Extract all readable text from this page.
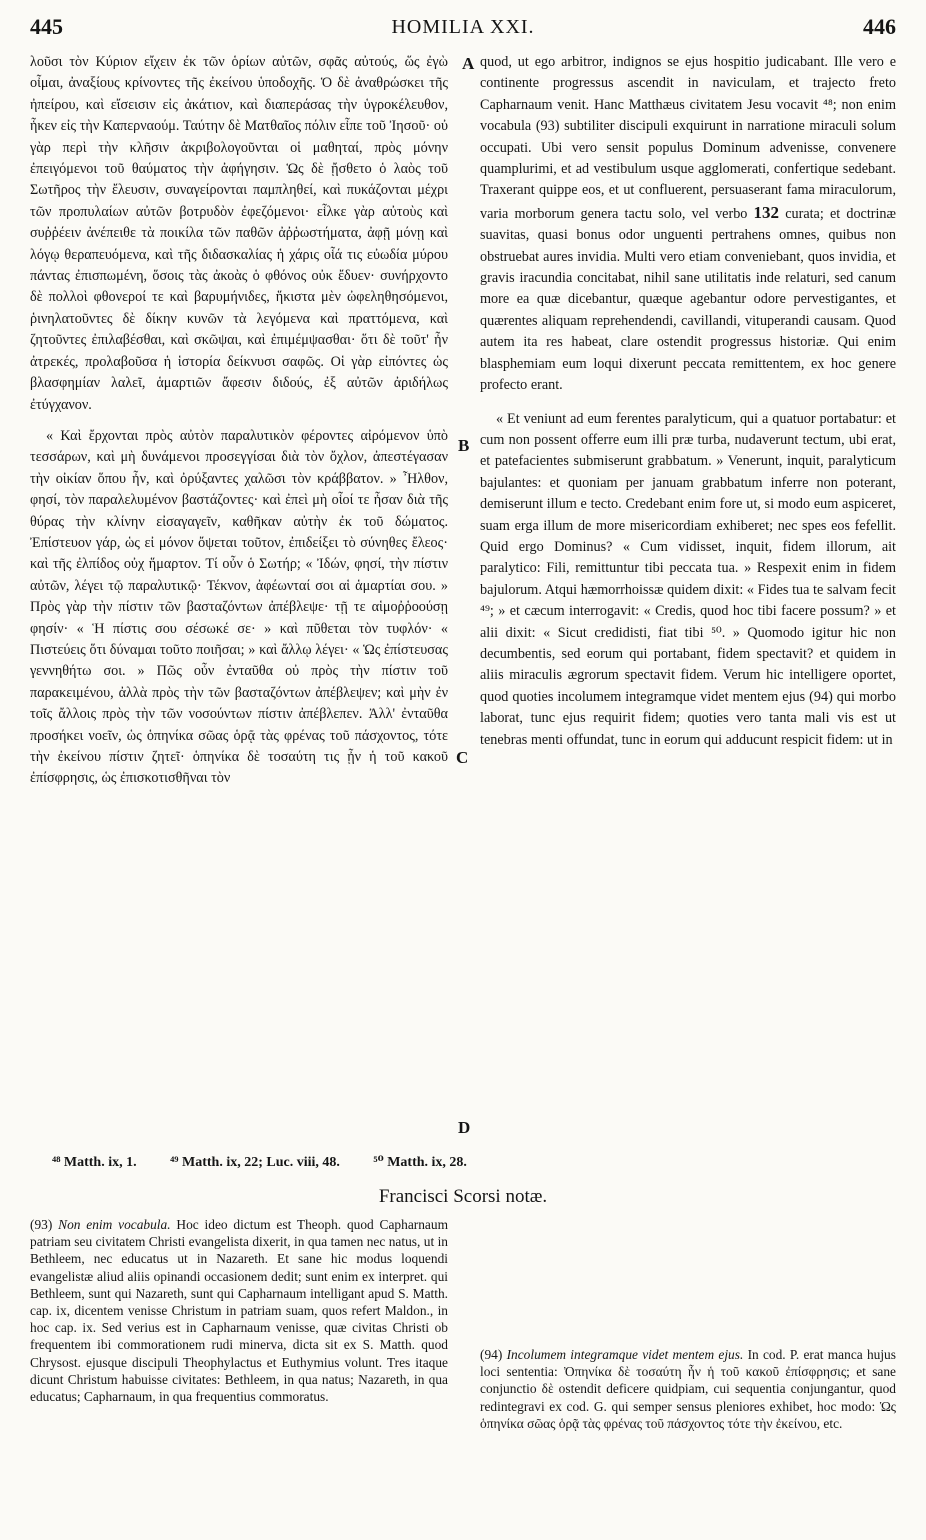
445	HOMILIA XXI.	446
A
B
C
D

λοῦσι τὸν Κύριον εἴχειν ἐκ τῶν ὁρίων αὐτῶν, σφᾶς αὐτούς, ὥς ἐγὼ οἶμαι, ἀναξίους κρίνοντες τῆς ἐκείνου ὑποδοχῆς. Ὁ δὲ ἀναθρώσκει τῆς ἠπείρου, καὶ εἴσεισιν εἰς ἀκάτιον, καὶ διαπεράσας τὴν ὑγροκέλευθον, ἧκεν εἰς τὴν Καπερναούμ. Ταύτην δὲ Ματθαῖος πόλιν εἶπε τοῦ Ἰησοῦ· οὐ γὰρ περὶ τὴν κλῆσιν ἀκριβολογοῦνται οἱ μαθηταί, πρὸς μόνην ἐπειγόμενοι τοῦ θαύματος τὴν ἀφήγησιν. Ὡς δὲ ᾔσθετο ὁ λαὸς τοῦ Σωτῆρος τὴν ἔλευσιν, συναγείρονται παμπληθεί, καὶ πυκάζονται μέχρι τῶν προπυλαίων αὐτῶν βοτρυδὸν ἐφεζόμενοι· εἷλκε γὰρ αὐτοὺς καὶ συῤῥέειν ἀνέπειθε τὰ ποικίλα τῶν παθῶν ἀῤῥωστήματα, ἀφῇ μόνῃ καὶ λόγῳ θεραπευόμενα, καὶ τῆς διδασκαλίας ἡ χάρις οἷά τις εὐωδία μύρου πάντας ἐπισπωμένη, ὅσοις τὰς ἀκοὰς ὁ φθόνος οὐκ ἔδυεν· συνήρχοντο δὲ πολλοὶ φθονεροί τε καὶ βαρυμήνιδες, ἥκιστα μὲν ὠφεληθησόμενοι, ῥινηλατοῦντες δὲ δίκην κυνῶν τὰ λεγόμενα καὶ πραττόμενα, καὶ ζητοῦντες ἐπιλαβέσθαι, καὶ σκῶψαι, καὶ ἐπιμέμψασθαι· ὅτι δὲ τοῦτ' ἦν ἀτρεκές, προλαβοῦσα ἡ ἱστορία δείκνυσι σαφῶς. Οἱ γὰρ εἰπόντες ὡς βλασφημίαν λαλεῖ, ἁμαρτιῶν ἄφεσιν διδούς, ἐξ αὐτῶν ἀριδήλως ἐτύγχανον.

« Καὶ ἔρχονται πρὸς αὐτὸν παραλυτικὸν φέροντες αἰρόμενον ὑπὸ τεσσάρων, καὶ μὴ δυνάμενοι προσεγγίσαι διὰ τὸν ὄχλον, ἀπεστέγασαν τὴν οἰκίαν ὅπου ἦν, καὶ ὀρύξαντες χαλῶσι τὸν κράββατον. » Ἦλθον, φησί, τὸν παραλελυμένον βαστάζοντες· καὶ ἐπεὶ μὴ οἷοί τε ἦσαν διὰ τῆς θύρας τὴν κλίνην εἰσαγαγεῖν, καθῆκαν αὐτὴν ἐκ τοῦ δώματος. Ἐπίστευον γάρ, ὡς εἰ μόνον ὄψεται τοῦτον, ἐπιδείξει τὸ σύνηθες ἔλεος· καὶ τῆς ἐλπίδος οὐχ ἥμαρτον. Τί οὖν ὁ Σωτήρ; « Ἰδών, φησί, τὴν πίστιν αὐτῶν, λέγει τῷ παραλυτικῷ· Τέκνον, ἀφέωνταί σοι αἱ ἁμαρτίαι σου. » Πρὸς γὰρ τὴν πίστιν τῶν βασταζόντων ἀπέβλεψε· τῇ τε αἱμοῤῥοούσῃ φησίν· « Ἡ πίστις σου σέσωκέ σε· » καὶ πῦθεται τὸν τυφλόν· « Πιστεύεις ὅτι δύναμαι τοῦτο ποιῆσαι; » καὶ ἄλλῳ λέγει· « Ὡς ἐπίστευσας γεννηθήτω σοι. » Πῶς οὖν ἐνταῦθα οὐ πρὸς τὴν πίστιν τοῦ παρακειμένου, ἀλλὰ πρὸς τὴν τῶν βασταζόντων ἀπέβλεψεν; καὶ μὴν ἐν τοῖς ἄλλοις πρὸς τὴν τῶν νοσούντων πίστιν ἀπέβλεπεν. Ἀλλ' ἐνταῦθα προσήκει νοεῖν, ὡς ὁπηνίκα σῶας ὁρᾷ τὰς φρένας τοῦ πάσχοντος, τότε τὴν ἐκείνου πίστιν ζητεῖ· ὁπηνίκα δὲ τοσαύτη τις ᾖν ἡ τοῦ κακοῦ ἐπίσφρησις, ὡς ἐπισκοτισθῆναι τὸν

quod, ut ego arbitror, indignos se ejus hospitio judicabant. Ille vero e continente progressus ascendit in naviculam, et trajecto freto Capharnaum venit. Hanc Matthæus civitatem Jesu vocavit ⁴⁸; non enim vocabula (93) subtiliter discipuli exquirunt in narratione miraculi solum occupati. Ubi vero sensit populus Dominum advenisse, convenere quamplurimi, et ad vestibulum usque agglomerati, confertique sedebant. Traxerant quippe eos, et ut confluerent, persuaserant fama miraculorum, varia morborum genera tactu solo, vel verbo 132 curata; et doctrinæ suavitas, quasi bonus odor unguenti pertrahens omnes, quibus non obstruebat aures invidia. Multi vero etiam conveniebant, quos invidia, et gravis iracundia concitabat, nihil sane utilitatis inde relaturi, sed canum more ea quæ dicebantur, quæque agebantur odore pervestigantes, et quærentes aliquam reprehendendi, cavillandi, vituperandi causam. Quod autem ita res habeat, clare ostendit progressus historiæ. Qui enim blasphemiam eum loqui dixerunt peccata remittentem, ex hoc genere profecto erant.

« Et veniunt ad eum ferentes paralyticum, qui a quatuor portabatur: et cum non possent offerre eum illi præ turba, nudaverunt tectum, ubi erat, et patefacientes submiserunt grabbatum. » Venerunt, inquit, paralyticum bajulantes: et quoniam per januam grabbatum inferre non poterant, demiserunt illum e tecto. Credebant enim fore ut, si modo eum aspiceret, suam erga illum de more misericordiam exhiberet; nec spes eos fefellit. Quid ergo Dominus? « Cum vidisset, inquit, fidem illorum, ait paralytico: Fili, remittuntur tibi peccata tua. » Respexit enim in fidem bajulorum. Atqui hæmorrhoissæ quidem dixit: « Fides tua te salvam fecit ⁴⁹; » et cæcum interrogavit: « Credis, quod hoc tibi facere possum? » et alii dixit: « Sicut credidisti, fiat tibi ⁵⁰. » Quomodo igitur hic non decumbentis, sed eorum qui portabant, fidem spectavit? et quidem in aliis miraculis ægrorum spectavit fidem. Verum hic intelligere oportet, quod quoties incolumem integramque videt mentem ejus (94) qui morbo laborat, tunc ejus requirit fidem; quoties vero tanta mali vis est ut tenebras menti offundat, tunc in eorum qui adducunt respicit fidem: ut in

⁴⁸ Matth. ix, 1. ⁴⁹ Matth. ix, 22; Luc. viii, 48. ⁵⁰ Matth. ix, 28.
Francisci Scorsi notæ.

(93) Non enim vocabula. Hoc ideo dictum est Theoph. quod Capharnaum patriam seu civitatem Christi evangelista dixerit, in qua tamen nec natus, ut in Bethleem, nec educatus ut in Nazareth. Et sane hic modus loquendi evangelistæ aliud aliis opinandi occasionem dedit; sunt enim ex interpret. qui Bethleem, sunt qui Nazareth, sunt qui Capharnaum intelligant apud S. Matth. cap. ix, dicentem venisse Christum in patriam suam, quos refert Maldon., in hoc cap. ix. Sed verius est in Capharnaum venisse, quæ civitas Christi ob frequentem ibi commorationem rudi minerva, dicta sit ex S. Matth. quod Chrysost. ejusque discipuli Theophylactus et Euthymius volunt. Tres itaque dicunt Christum habuisse civitates: Bethleem, in qua natus; Nazareth, in qua educatus; Capharnaum, in qua frequentius commoratus.

(94) Incolumem integramque videt mentem ejus. In cod. P. erat manca hujus loci sententia: Ὀπηνίκα δὲ τοσαύτη ἦν ἡ τοῦ κακοῦ ἐπίσφρησις; et sane conjunctio δὲ ostendit deficere quidpiam, cui sequentia conjungantur, quod redintegravi ex cod. G. qui semper sensus pleniores exhibet, hoc modo: Ὡς ὁπηνίκα σῶας ὁρᾷ τὰς φρένας τοῦ πάσχοντος τότε τὴν ἐκείνου, etc.
